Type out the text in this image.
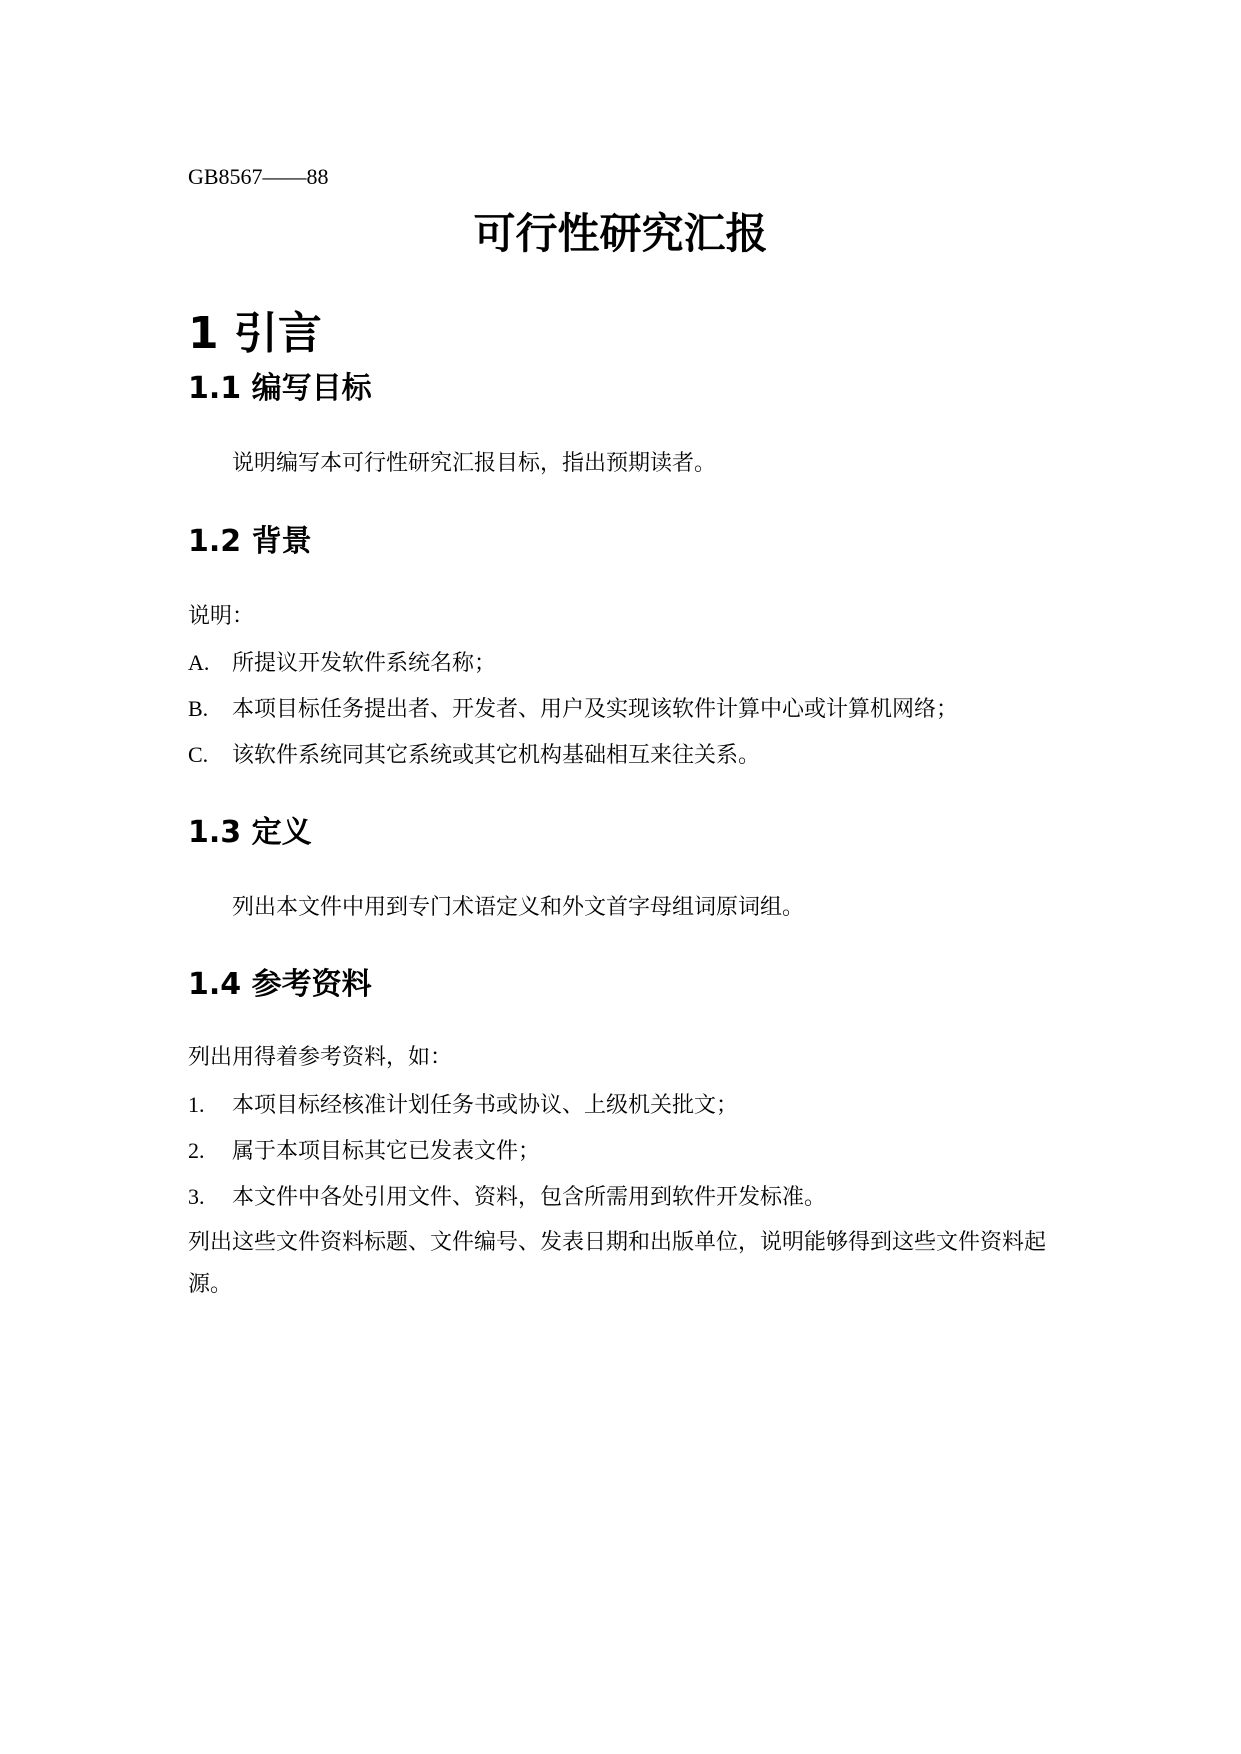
GB8567——88
可行性研究汇报
1 引言
1.1 编写目标

说明编写本可行性研究汇报目标，指出预期读者。

1.2 背景

说明：

A. 所提议开发软件系统名称；
B. 本项目标任务提出者、开发者、用户及实现该软件计算中心或计算机网络；
C. 该软件系统同其它系统或其它机构基础相互来往关系。
1.3 定义

列出本文件中用到专门术语定义和外文首字母组词原词组。

1.4 参考资料

列出用得着参考资料，如：

1. 本项目标经核准计划任务书或协议、上级机关批文；
2. 属于本项目标其它已发表文件；
3. 本文件中各处引用文件、资料，包含所需用到软件开发标准。

列出这些文件资料标题、文件编号、发表日期和出版单位，说明能够得到这些文件资料起源。
